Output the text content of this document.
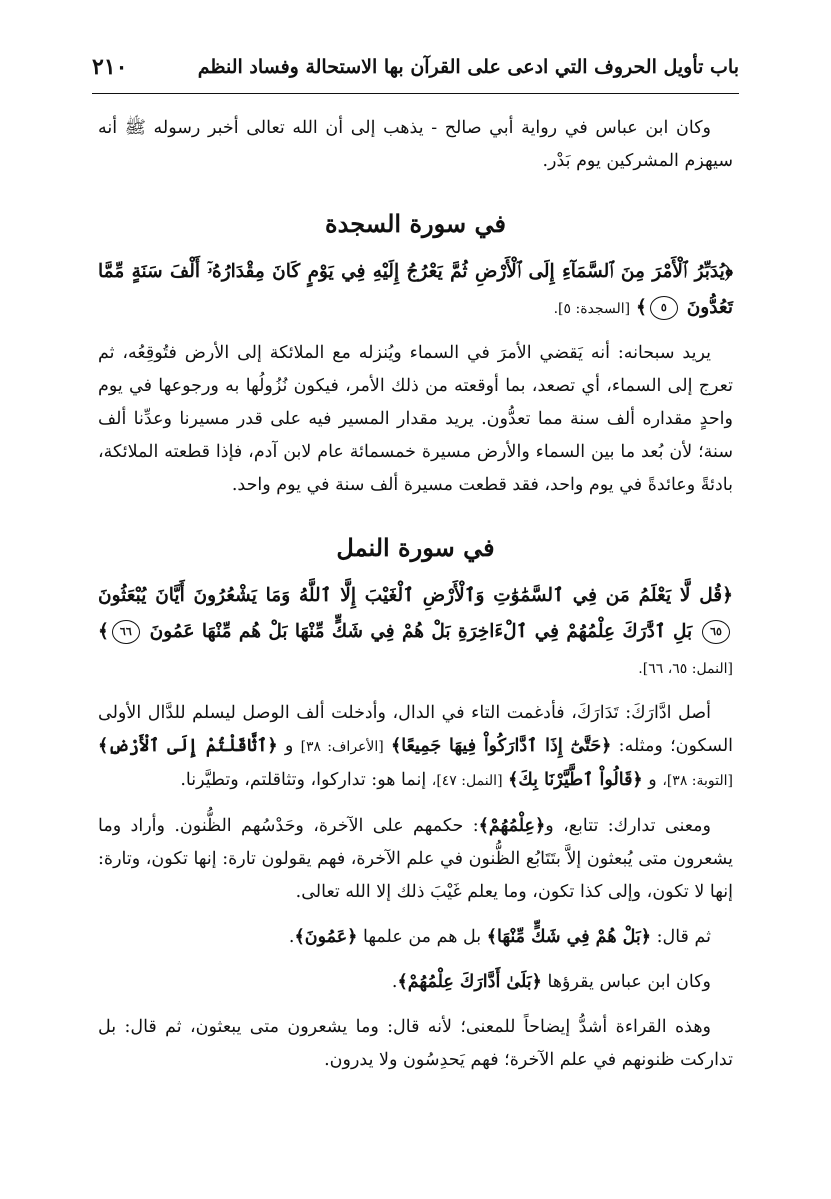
باب تأويل الحروف التي ادعى على القرآن بها الاستحالة وفساد النظم
٢١٠

وكان ابن عباس في رواية أبي صالح - يذهب إلى أن الله تعالى أخبر رسوله ﷺ أنه سيهزم المشركين يوم بَدْر.

في سورة السجدة

﴿يُدَبِّرُ ٱلْأَمْرَ مِنَ ٱلسَّمَآءِ إِلَى ٱلْأَرْضِ ثُمَّ يَعْرُجُ إِلَيْهِ فِي يَوْمٍ كَانَ مِقْدَارُهُۥٓ أَلْفَ سَنَةٍ مِّمَّا تَعُدُّونَ ٥﴾ [السجدة: ٥].

يريد سبحانه: أنه يَقضي الأمرَ في السماء ويُنزله مع الملائكة إلى الأرض فتُوقِعُه، ثم تعرج إلى السماء، أي تصعد، بما أوقعته من ذلك الأمر، فيكون نُزُولُها به ورجوعها في يوم واحدٍ مقداره ألف سنة مما تعدُّون. يريد مقدار المسير فيه على قدر مسيرنا وعدِّنا ألف سنة؛ لأن بُعد ما بين السماء والأرض مسيرة خمسمائة عام لابن آدم، فإذا قطعته الملائكة، بادئةً وعائدةً في يوم واحد، فقد قطعت مسيرة ألف سنة في يوم واحد.

في سورة النمل

﴿قُل لَّا يَعْلَمُ مَن فِي ٱلسَّمَٰوَٰتِ وَٱلْأَرْضِ ٱلْغَيْبَ إِلَّا ٱللَّهُ وَمَا يَشْعُرُونَ أَيَّانَ يُبْعَثُونَ ٦٥ بَلِ ٱدَّٰرَكَ عِلْمُهُمْ فِي ٱلْءَاخِرَةِ بَلْ هُمْ فِي شَكٍّ مِّنْهَا بَلْ هُم مِّنْهَا عَمُونَ ٦٦﴾ [النمل: ٦٥، ٦٦].

أصل ادَّارَكَ: تَدَارَكَ، فأدغمت التاء في الدال، وأدخلت ألف الوصل ليسلم للدَّال الأولى السكون؛ ومثله: ﴿حَتَّىٰٓ إِذَا ٱدَّارَكُواْ فِيهَا جَمِيعًا﴾ [الأعراف: ٣٨] و ﴿ٱثَّاقَلْتُمْ إِلَى ٱلْأَرْضِ﴾ [التوبة: ٣٨]، و ﴿قَالُواْ ٱطَّيَّرْنَا بِكَ﴾ [النمل: ٤٧]، إنما هو: تداركوا، وتثاقلتم، وتطيَّرنا.

ومعنى تدارك: تتابع، و﴿عِلْمُهُمْ﴾: حكمهم على الآخرة، وحَدْسُهم الظُّنون. وأراد وما يشعرون متى يُبعثون إلاَّ بتَتَابُع الظُّنون في علم الآخرة، فهم يقولون تارة: إنها تكون، وتارة: إنها لا تكون، وإلى كذا تكون، وما يعلم غَيْبَ ذلك إلا الله تعالى.

ثم قال: ﴿بَلْ هُمْ فِي شَكٍّ مِّنْهَا﴾ بل هم من علمها ﴿عَمُونَ﴾.

وكان ابن عباس يقرؤها ﴿بَلَىٰ أَدَّارَكَ عِلْمُهُمْ﴾.

وهذه القراءة أشدُّ إيضاحاً للمعنى؛ لأنه قال: وما يشعرون متى يبعثون، ثم قال: بل تداركت ظنونهم في علم الآخرة؛ فهم يَحدِسُون ولا يدرون.
